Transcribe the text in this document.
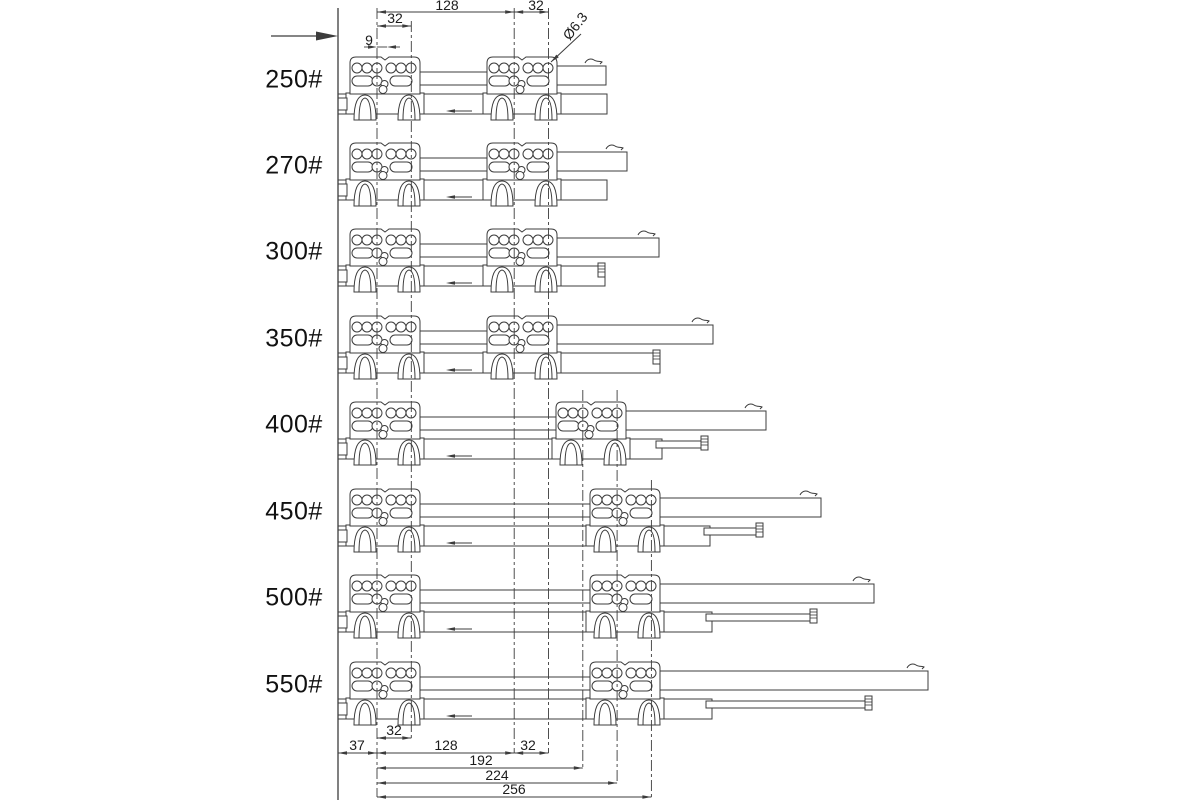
250#
270#
300#
350#
400#
450#
500#
550#
128	32
32
9	Ø6.3
32
37	128	32
192
224
256
